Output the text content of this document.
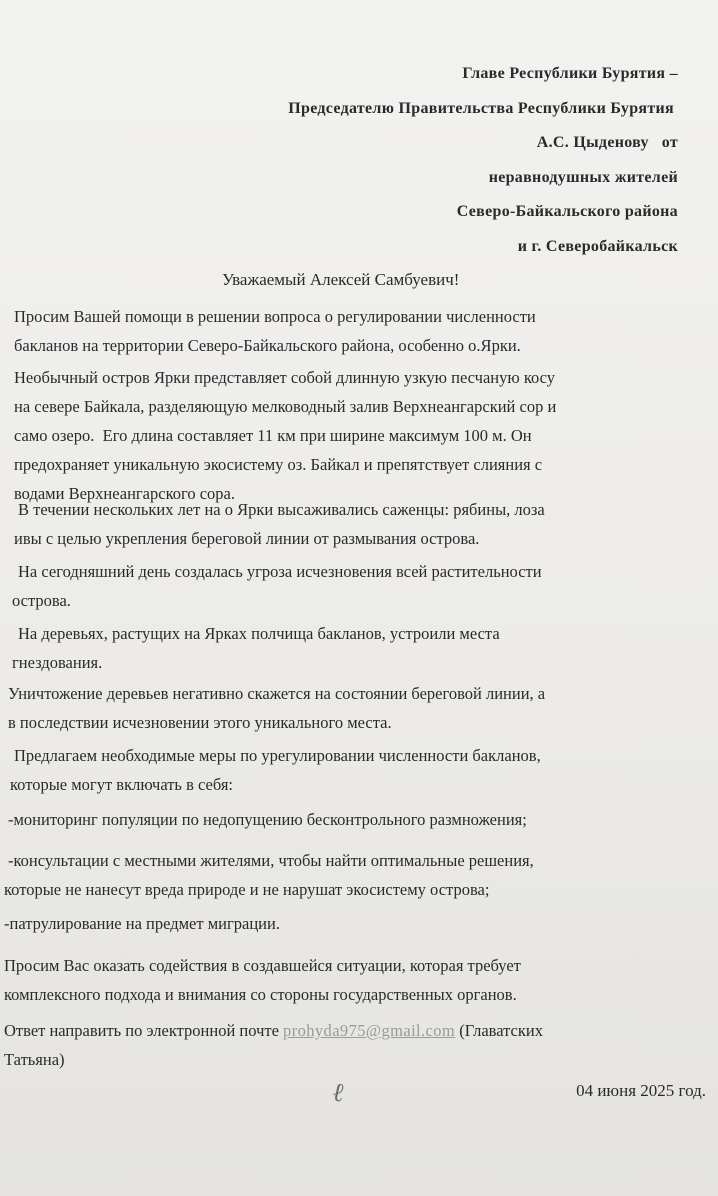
Главе Республики Бурятия –
Председателю Правительства Республики Бурятия
А.С. Цыденову   от
неравнодушных жителей
Северо-Байкальского района
и г. Северобайкальск
Уважаемый Алексей Самбуевич!

Просим Вашей помощи в решении вопроса о регулировании численности
бакланов на территории Северо-Байкальского района, особенно о.Ярки.

Необычный остров Ярки представляет собой длинную узкую песчаную косу
на севере Байкала, разделяющую мелководный залив Верхнеангарский сор и
само озеро.  Его длина составляет 11 км при ширине максимум 100 м. Он
предохраняет уникальную экосистему оз. Байкал и препятствует слияния с
водами Верхнеангарского сора.

В течении нескольких лет на о Ярки высаживались саженцы: рябины, лоза
ивы с целью укрепления береговой линии от размывания острова.

На сегодняшний день создалась угроза исчезновения всей растительности
острова.

На деревьях, растущих на Ярках полчища бакланов, устроили места
гнездования.

Уничтожение деревьев негативно скажется на состоянии береговой линии, а
в последствии исчезновении этого уникального места.

Предлагаем необходимые меры по урегулировании численности бакланов,
которые могут включать в себя:

-мониторинг популяции по недопущению бесконтрольного размножения;

-консультации с местными жителями, чтобы найти оптимальные решения,
которые не нанесут вреда природе и не нарушат экосистему острова;

-патрулирование на предмет миграции.

Просим Вас оказать содействия в создавшейся ситуации, которая требует
комплексного подхода и внимания со стороны государственных органов.

Ответ направить по электронной почте prohyda975@gmail.com (Главатских
Татьяна)

ℓ	04 июня 2025 год.
